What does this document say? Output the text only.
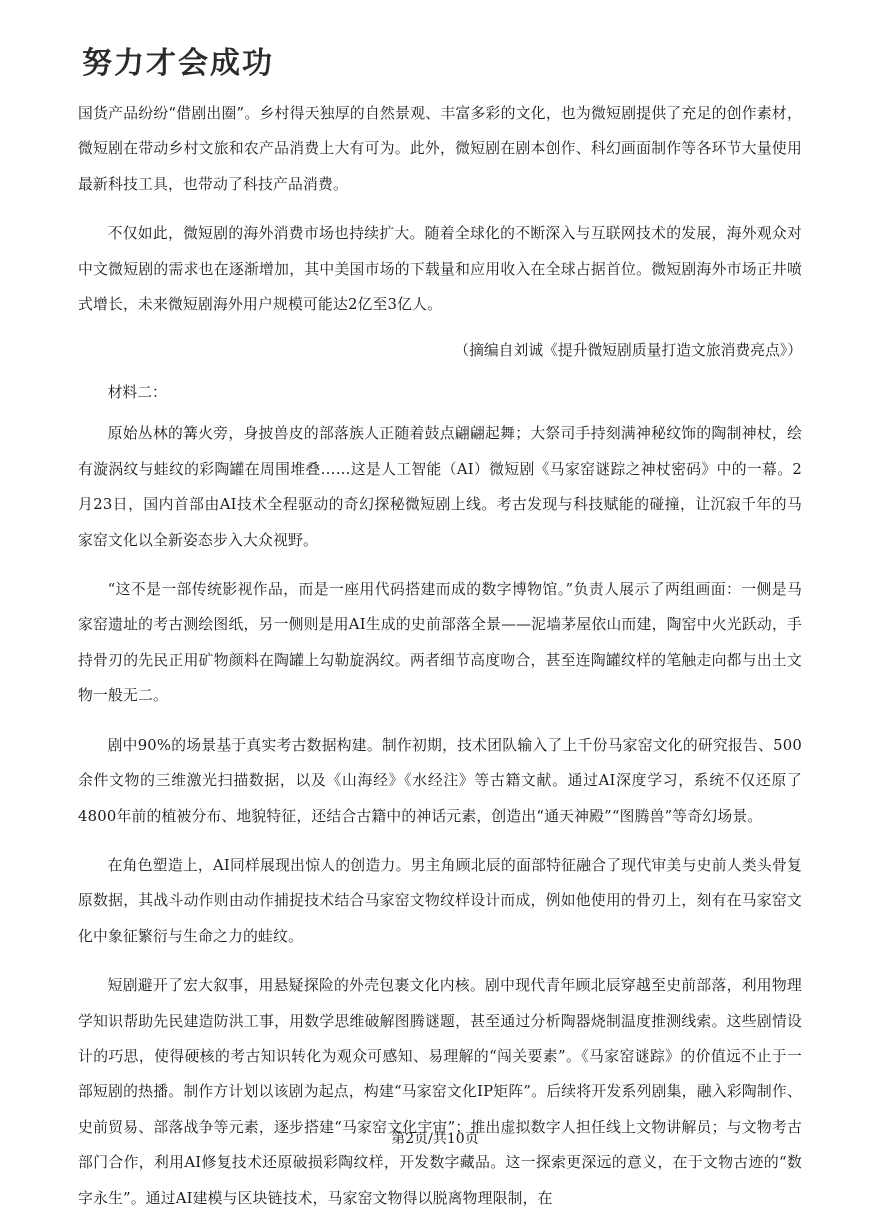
努力才会成功

国货产品纷纷“借剧出圈”。乡村得天独厚的自然景观、丰富多彩的文化，也为微短剧提供了充足的创作素材，微短剧在带动乡村文旅和农产品消费上大有可为。此外，微短剧在剧本创作、科幻画面制作等各环节大量使用最新科技工具，也带动了科技产品消费。

不仅如此，微短剧的海外消费市场也持续扩大。随着全球化的不断深入与互联网技术的发展，海外观众对中文微短剧的需求也在逐渐增加，其中美国市场的下载量和应用收入在全球占据首位。微短剧海外市场正井喷式增长，未来微短剧海外用户规模可能达2亿至3亿人。

（摘编自刘诚《提升微短剧质量打造文旅消费亮点》）

材料二：

原始丛林的篝火旁，身披兽皮的部落族人正随着鼓点翩翩起舞；大祭司手持刻满神秘纹饰的陶制神杖，绘有漩涡纹与蛙纹的彩陶罐在周围堆叠……这是人工智能（AI）微短剧《马家窑谜踪之神杖密码》中的一幕。2月23日，国内首部由AI技术全程驱动的奇幻探秘微短剧上线。考古发现与科技赋能的碰撞，让沉寂千年的马家窑文化以全新姿态步入大众视野。

“这不是一部传统影视作品，而是一座用代码搭建而成的数字博物馆。”负责人展示了两组画面：一侧是马家窑遗址的考古测绘图纸，另一侧则是用AI生成的史前部落全景——泥墙茅屋依山而建，陶窑中火光跃动，手持骨刃的先民正用矿物颜料在陶罐上勾勒旋涡纹。两者细节高度吻合，甚至连陶罐纹样的笔触走向都与出土文物一般无二。

剧中90%的场景基于真实考古数据构建。制作初期，技术团队输入了上千份马家窑文化的研究报告、500余件文物的三维激光扫描数据，以及《山海经》《水经注》等古籍文献。通过AI深度学习，系统不仅还原了4800年前的植被分布、地貌特征，还结合古籍中的神话元素，创造出“通天神殿”“图腾兽”等奇幻场景。

在角色塑造上，AI同样展现出惊人的创造力。男主角顾北辰的面部特征融合了现代审美与史前人类头骨复原数据，其战斗动作则由动作捕捉技术结合马家窑文物纹样设计而成，例如他使用的骨刃上，刻有在马家窑文化中象征繁衍与生命之力的蛙纹。

短剧避开了宏大叙事，用悬疑探险的外壳包裹文化内核。剧中现代青年顾北辰穿越至史前部落，利用物理学知识帮助先民建造防洪工事，用数学思维破解图腾谜题，甚至通过分析陶器烧制温度推测线索。这些剧情设计的巧思，使得硬核的考古知识转化为观众可感知、易理解的“闯关要素”。《马家窑谜踪》的价值远不止于一部短剧的热播。制作方计划以该剧为起点，构建“马家窑文化IP矩阵”。后续将开发系列剧集，融入彩陶制作、史前贸易、部落战争等元素，逐步搭建“马家窑文化宇宙”；推出虚拟数字人担任线上文物讲解员；与文物考古部门合作，利用AI修复技术还原破损彩陶纹样，开发数字藏品。这一探索更深远的意义，在于文物古迹的“数字永生”。通过AI建模与区块链技术，马家窑文物得以脱离物理限制，在

第2页/共10页
